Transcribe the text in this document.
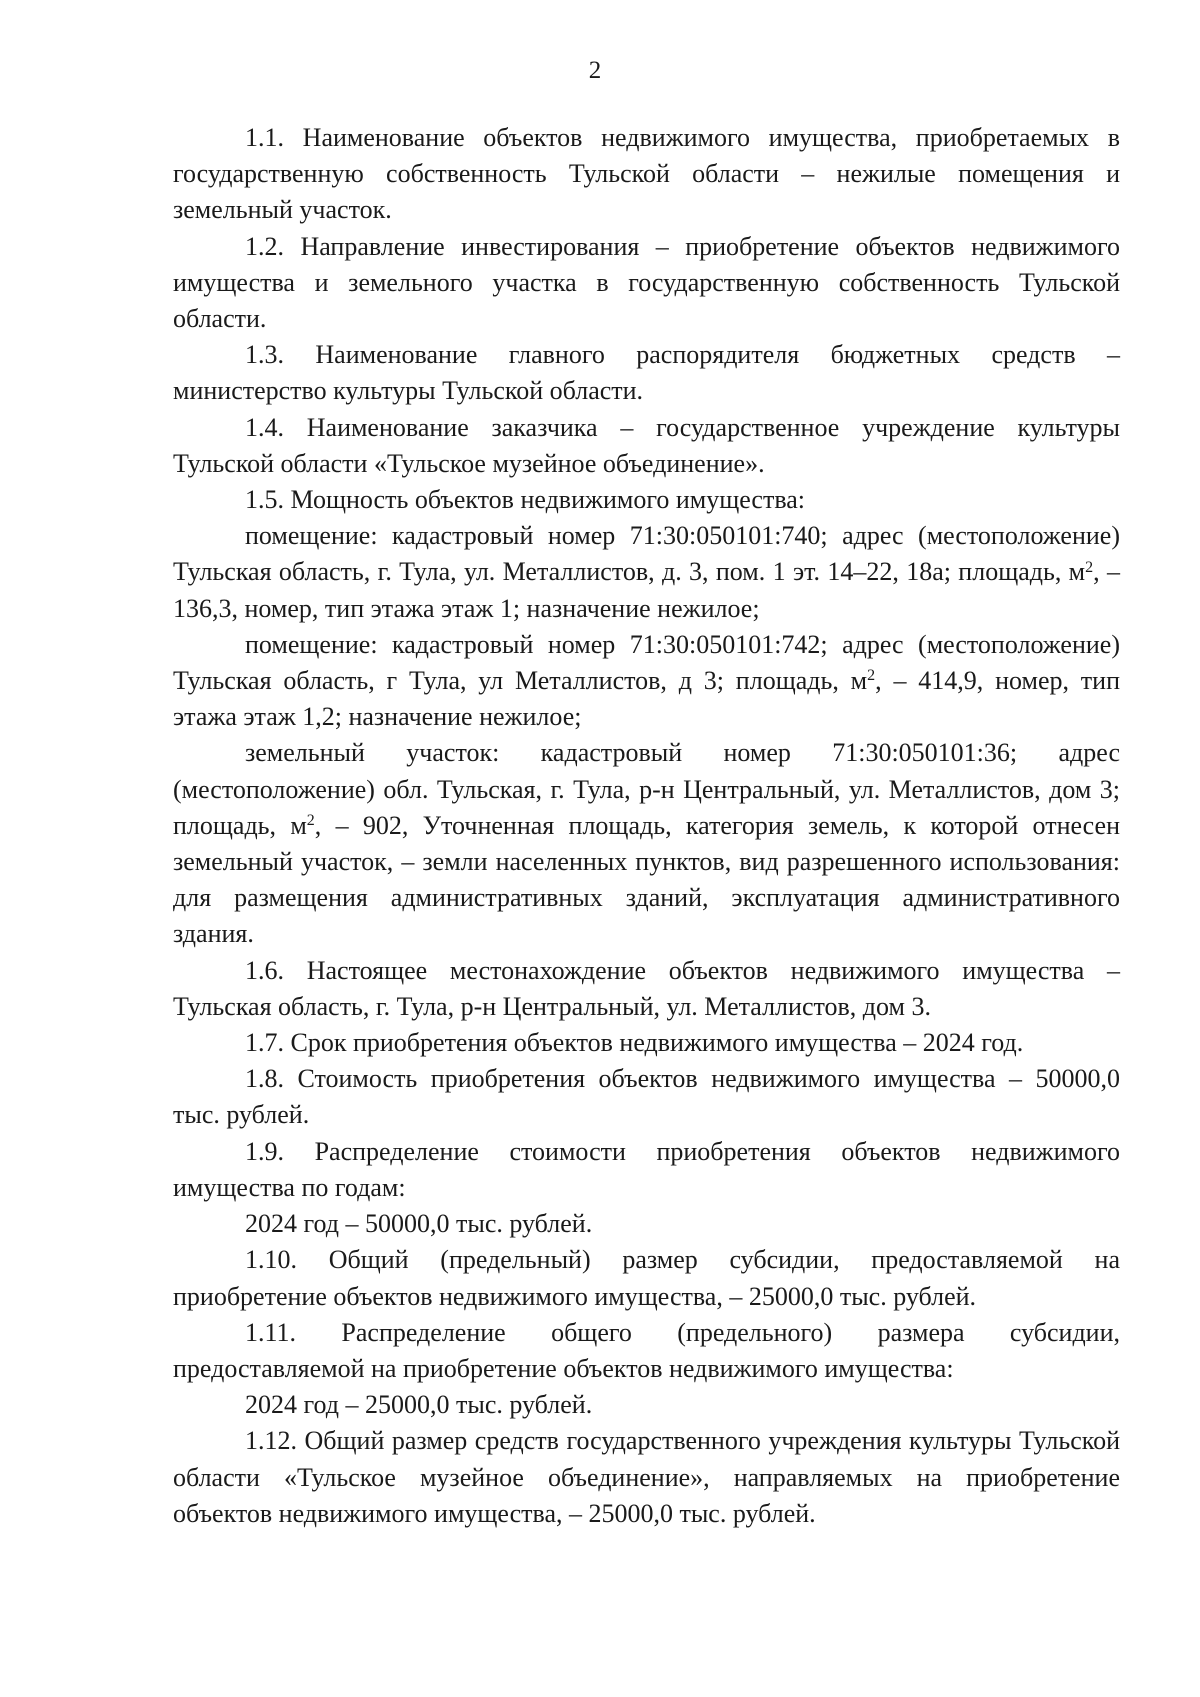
2

1.1. Наименование объектов недвижимого имущества, приобретаемых в государственную собственность Тульской области – нежилые помещения и земельный участок.

1.2. Направление инвестирования – приобретение объектов недвижимого имущества и земельного участка в государственную собственность Тульской области.

1.3. Наименование главного распорядителя бюджетных средств – министерство культуры Тульской области.

1.4. Наименование заказчика – государственное учреждение культуры Тульской области «Тульское музейное объединение».

1.5. Мощность объектов недвижимого имущества:

помещение: кадастровый номер 71:30:050101:740; адрес (местоположение) Тульская область, г. Тула, ул. Металлистов, д. 3, пом. 1 эт. 14–22, 18а; площадь, $м^2$, – 136,3, номер, тип этажа этаж 1; назначение нежилое;

помещение: кадастровый номер 71:30:050101:742; адрес (местоположение) Тульская область, г Тула, ул Металлистов, д 3; площадь, $м^2$, – 414,9, номер, тип этажа этаж 1,2; назначение нежилое;

земельный участок: кадастровый номер 71:30:050101:36; адрес (местоположение) обл. Тульская, г. Тула, р-н Центральный, ул. Металлистов, дом 3; площадь, $м^2$, – 902, Уточненная площадь, категория земель, к которой отнесен земельный участок, – земли населенных пунктов, вид разрешенного использования: для размещения административных зданий, эксплуатация административного здания.

1.6. Настоящее местонахождение объектов недвижимого имущества – Тульская область, г. Тула, р-н Центральный, ул. Металлистов, дом 3.

1.7. Срок приобретения объектов недвижимого имущества – 2024 год.

1.8. Стоимость приобретения объектов недвижимого имущества – 50000,0 тыс. рублей.

1.9. Распределение стоимости приобретения объектов недвижимого имущества по годам:

2024 год – 50000,0 тыс. рублей.

1.10. Общий (предельный) размер субсидии, предоставляемой на приобретение объектов недвижимого имущества, – 25000,0 тыс. рублей.

1.11. Распределение общего (предельного) размера субсидии, предоставляемой на приобретение объектов недвижимого имущества:

2024 год – 25000,0 тыс. рублей.

1.12. Общий размер средств государственного учреждения культуры Тульской области «Тульское музейное объединение», направляемых на приобретение объектов недвижимого имущества, – 25000,0 тыс. рублей.
